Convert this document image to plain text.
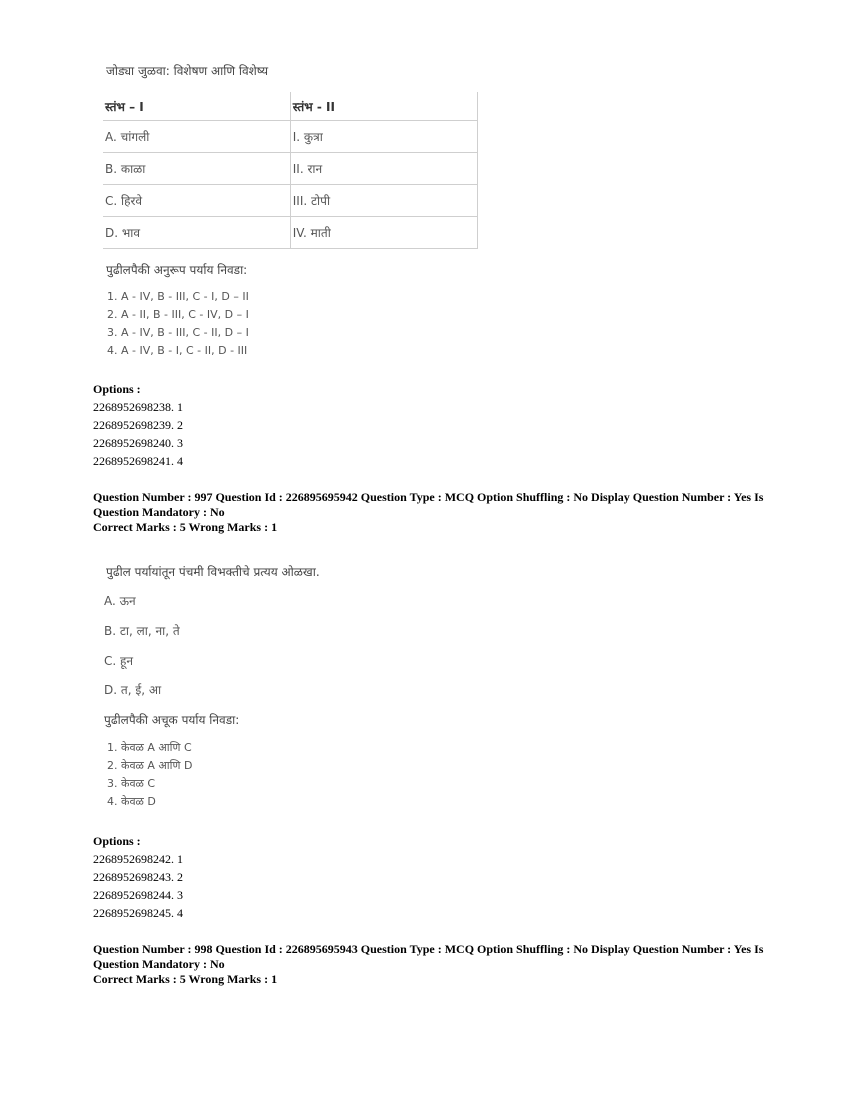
जोड्या जुळवा: विशेषण आणि विशेष्य
स्तंभ – I	स्तंभ - II
A. चांगली	I. कुत्रा
B. काळा	II. रान
C. हिरवे	III. टोपी
D. भाव	IV. माती
पुढीलपैकी अनुरूप पर्याय निवडा:
1. A - IV, B - III, C - I, D – II
2. A - II, B - III, C - IV, D – I
3. A - IV, B - III, C - II, D – I
4. A - IV, B - I, C - II, D - III
Options :
2268952698238. 1
2268952698239. 2
2268952698240. 3
2268952698241. 4
Question Number : 997 Question Id : 226895695942 Question Type : MCQ Option Shuffling : No Display Question Number : Yes Is
Question Mandatory : No
Correct Marks : 5 Wrong Marks : 1
पुढील पर्यायांतून पंचमी विभक्तीचे प्रत्यय ओळखा.
A. ऊन
B. टा, ला, ना, ते
C. हून
D. त, ई, आ
पुढीलपैकी अचूक पर्याय निवडा:
1. केवळ A आणि C
2. केवळ A आणि D
3. केवळ C
4. केवळ D
Options :
2268952698242. 1
2268952698243. 2
2268952698244. 3
2268952698245. 4
Question Number : 998 Question Id : 226895695943 Question Type : MCQ Option Shuffling : No Display Question Number : Yes Is
Question Mandatory : No
Correct Marks : 5 Wrong Marks : 1
